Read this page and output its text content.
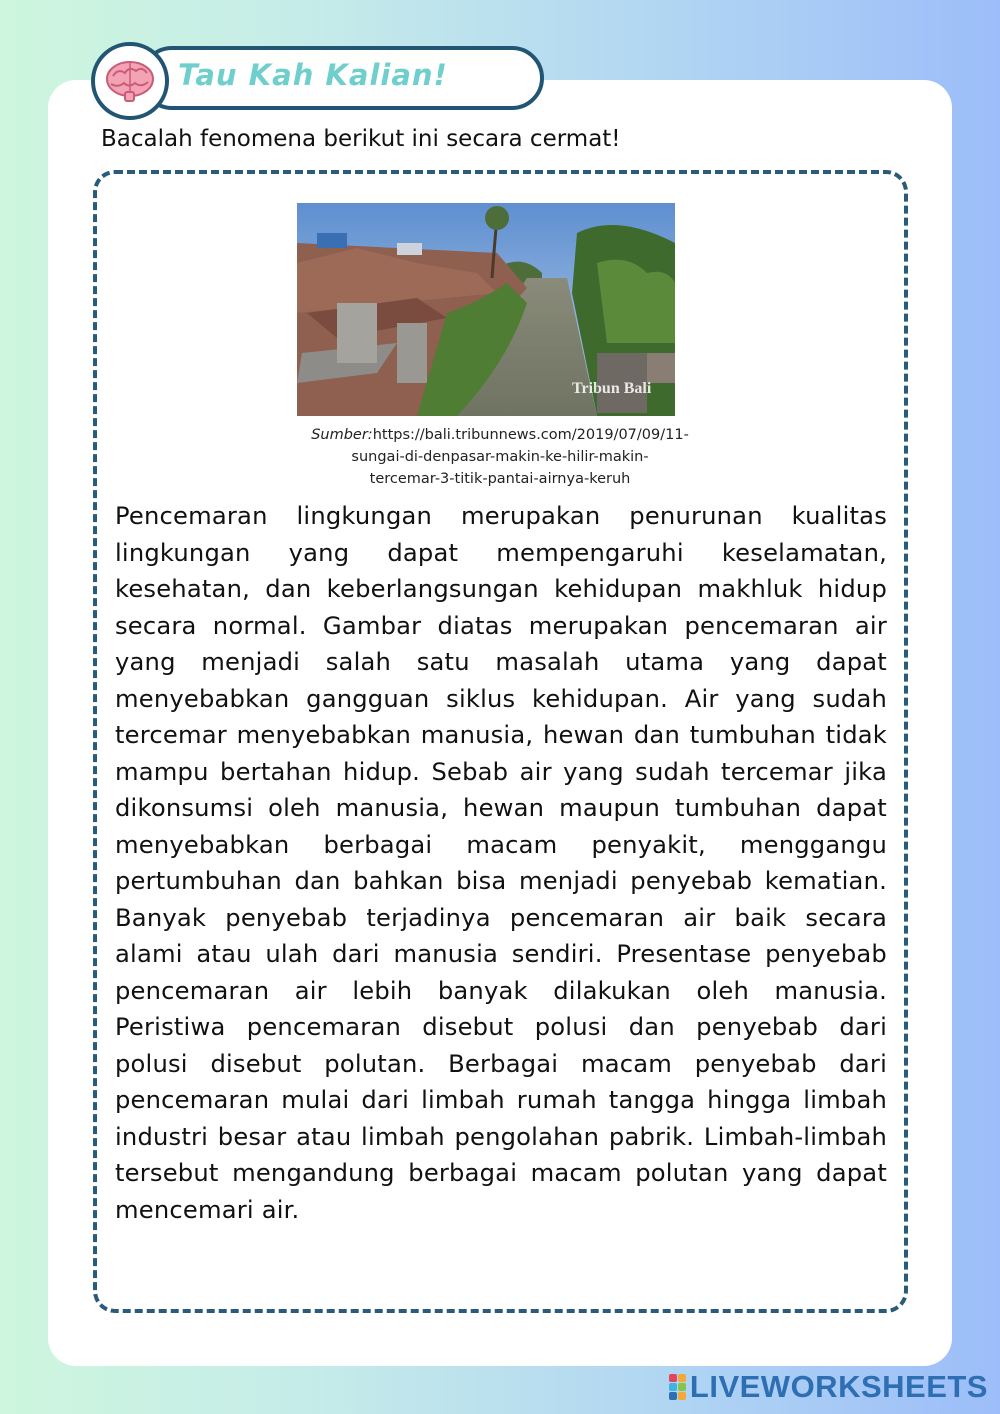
Tau Kah Kalian!
Bacalah fenomena berikut ini secara cermat!
Tribun Bali
Sumber:https://bali.tribunnews.com/2019/07/09/11-
sungai-di-denpasar-makin-ke-hilir-makin-
tercemar-3-titik-pantai-airnya-keruh
Pencemaran lingkungan merupakan penurunan kualitas lingkungan yang dapat mempengaruhi keselamatan, kesehatan, dan keberlangsungan kehidupan makhluk hidup secara normal. Gambar diatas merupakan pencemaran air yang menjadi salah satu masalah utama yang dapat menyebabkan gangguan siklus kehidupan. Air yang sudah tercemar menyebabkan manusia, hewan dan tumbuhan tidak mampu bertahan hidup. Sebab air yang sudah tercemar jika dikonsumsi oleh manusia, hewan maupun tumbuhan dapat menyebabkan berbagai macam penyakit, menggangu pertumbuhan dan bahkan bisa menjadi penyebab kematian. Banyak penyebab terjadinya pencemaran air baik secara alami atau ulah dari manusia sendiri. Presentase penyebab pencemaran air lebih banyak dilakukan oleh manusia. Peristiwa pencemaran disebut polusi dan penyebab dari polusi disebut polutan. Berbagai macam penyebab dari pencemaran mulai dari limbah rumah tangga hingga limbah industri besar atau limbah pengolahan pabrik. Limbah-limbah tersebut mengandung berbagai macam polutan yang dapat mencemari air.
LIVEWORKSHEETS
